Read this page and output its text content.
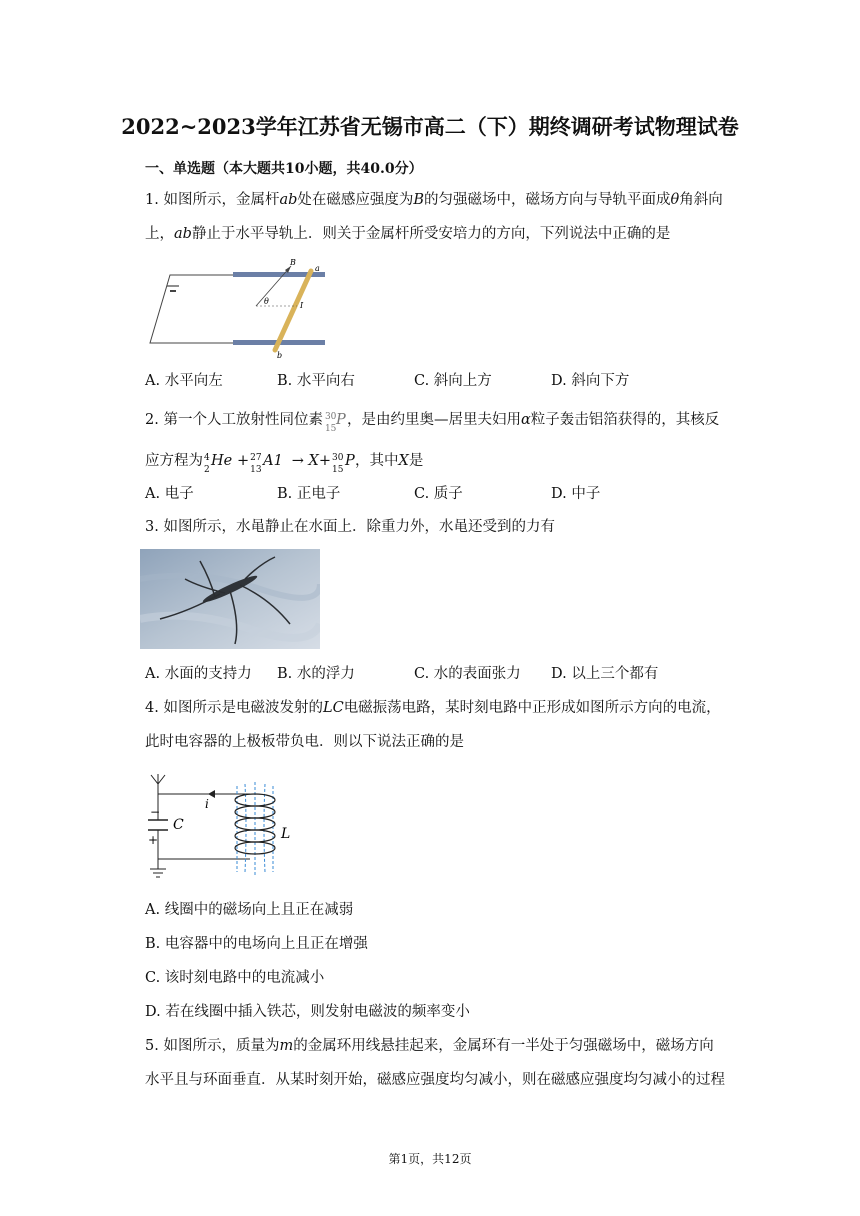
2022~2023学年江苏省无锡市高二（下）期终调研考试物理试卷
一、单选题（本大题共10小题，共40.0分）
1. 如图所示，金属杆ab处在磁感应强度为B的匀强磁场中，磁场方向与导轨平面成θ角斜向
上，ab静止于水平导轨上．则关于金属杆所受安培力的方向，下列说法中正确的是
B
a
b
θ	I
A. 水平向左	B. 水平向右	C. 斜向上方	D. 斜向下方
2. 第一个人工放射性同位素 30
15
P ，是由约里奥—居里夫妇用α粒子轰击铝箔获得的，其核反
应方程为 4
2
He + 27
13
A1 → X+ 30
15
P ，其中X是
A. 电子	B. 正电子	C. 质子	D. 中子
3. 如图所示，水黾静止在水面上．除重力外，水黾还受到的力有
A. 水面的支持力 B. 水的浮力	C. 水的表面张力 D. 以上三个都有
4. 如图所示是电磁波发射的LC电磁振荡电路，某时刻电路中正形成如图所示方向的电流，
此时电容器的上极板带负电．则以下说法正确的是
i
−
+
C
L
A. 线圈中的磁场向上且正在减弱
B. 电容器中的电场向上且正在增强
C. 该时刻电路中的电流减小
D. 若在线圈中插入铁芯，则发射电磁波的频率变小
5. 如图所示，质量为m的金属环用线悬挂起来，金属环有一半处于匀强磁场中，磁场方向
水平且与环面垂直．从某时刻开始，磁感应强度均匀减小，则在磁感应强度均匀减小的过程
第1页，共12页
